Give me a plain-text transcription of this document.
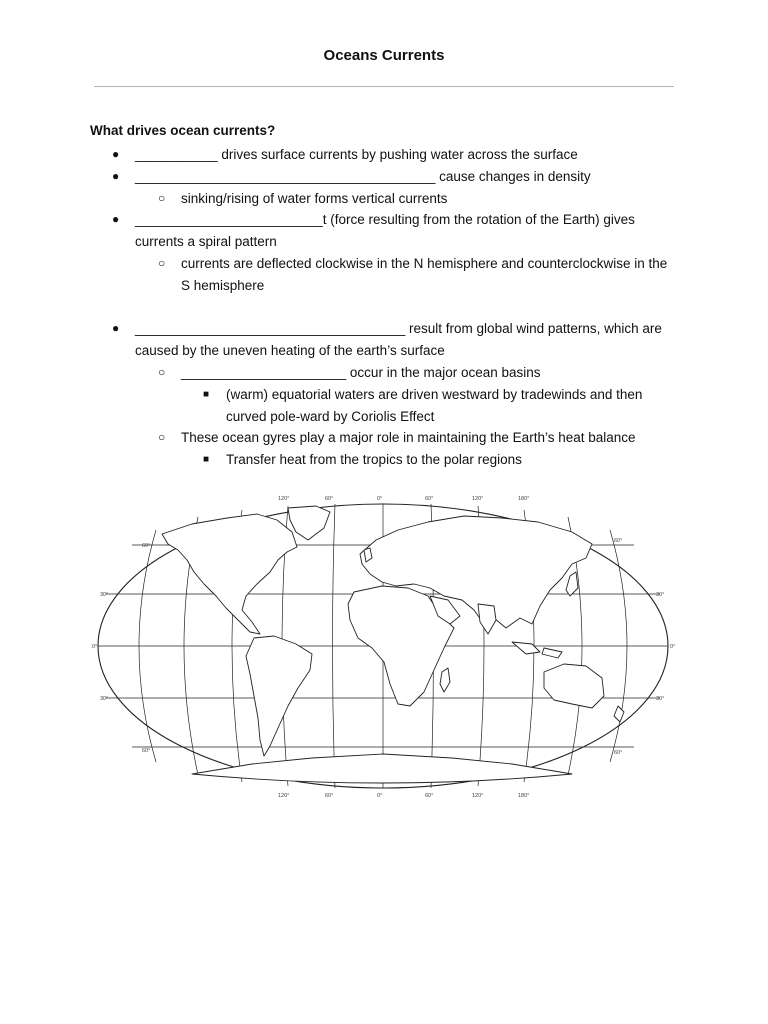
Oceans Currents
What drives ocean currents?
● ___________ drives surface currents by pushing water across the surface
● ________________________________________ cause changes in density
○ sinking/rising of water forms vertical currents
● _________________________t (force resulting from the rotation of the Earth) gives currents a spiral pattern
○ currents are deflected clockwise in the N hemisphere and counterclockwise in the S hemisphere
● ____________________________________ result from global wind patterns, which are caused by the uneven heating of the earth’s surface
○ ______________________ occur in the major ocean basins
■ (warm) equatorial waters are driven westward by tradewinds and then curved pole-ward by Coriolis Effect
○ These ocean gyres play a major role in maintaining the Earth’s heat balance
■ Transfer heat from the tropics to the polar regions
120°	60°	0°	60°	120°	180°
120°	60°	0°	60°	120°	180°
60°
30°
0°
30°
60°
60°
30°
0°
30°
60°
